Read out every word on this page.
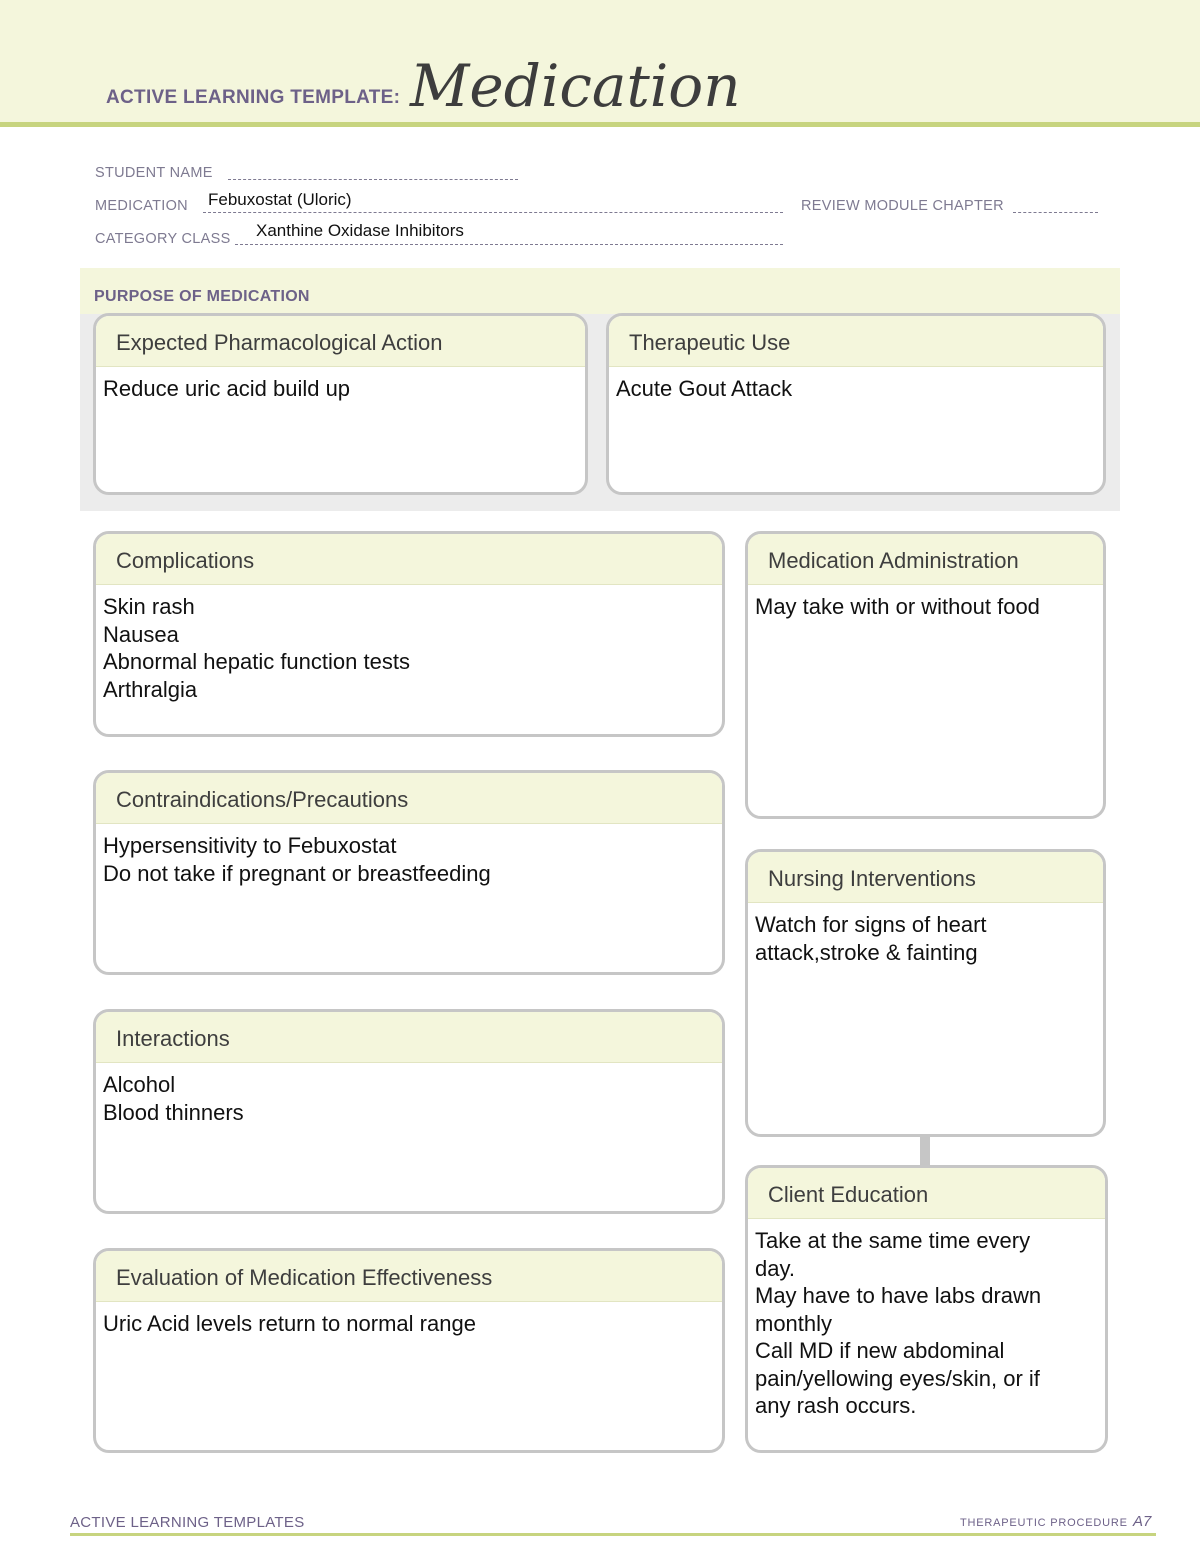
ACTIVE LEARNING TEMPLATE: Medication
STUDENT NAME
MEDICATION Febuxostat (Uloric)	REVIEW MODULE CHAPTER
CATEGORY CLASS Xanthine Oxidase Inhibitors
PURPOSE OF MEDICATION
Expected Pharmacological Action
Reduce uric acid build up
Therapeutic Use
Acute Gout Attack
Complications
Skin rash
Nausea
Abnormal hepatic function tests
Arthralgia
Contraindications/Precautions
Hypersensitivity to Febuxostat
Do not take if pregnant or breastfeeding
Interactions
Alcohol
Blood thinners
Evaluation of Medication Effectiveness
Uric Acid levels return to normal range
Medication Administration
May take with or without food
Nursing Interventions
Watch for signs of heart
attack,stroke & fainting
Client Education
Take at the same time every
day.
May have to have labs drawn
monthly
Call MD if new abdominal
pain/yellowing eyes/skin, or if
any rash occurs.
ACTIVE LEARNING TEMPLATES	THERAPEUTIC PROCEDURE A7
